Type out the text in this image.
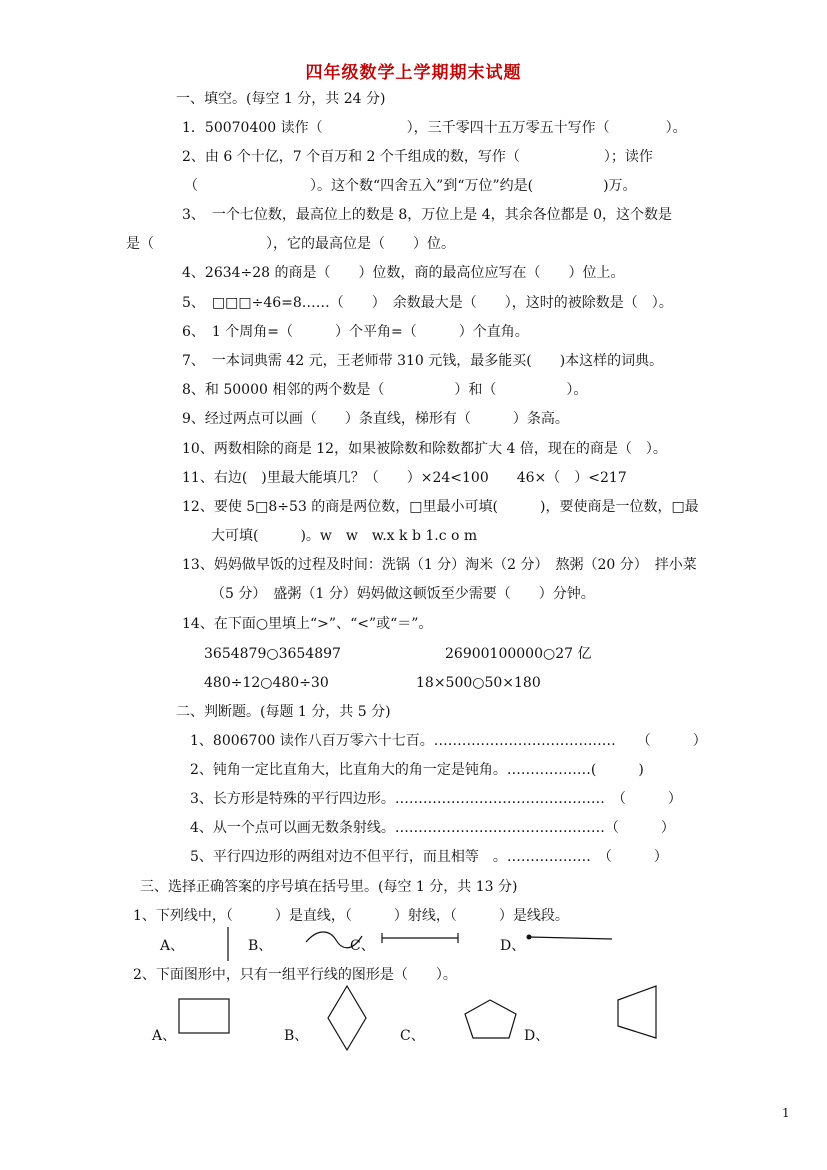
四年级数学上学期期末试题
一、填空。(每空 1 分，共 24 分)
1．50070400 读作（　　　　　　），三千零四十五万零五十写作（　　　　）。
2、由 6 个十亿，7 个百万和 2 个千组成的数，写作（　　　　　　）；读作
（　　　　　　　　）。这个数“四舍五入”到“万位”约是(　　　　　)万。
3、　一个七位数，最高位上的数是 8，万位上是 4，其余各位都是 0，这个数是
是（　　　　　　　　），它的最高位是（　　）位。
4、2634÷28 的商是（　　）位数，商的最高位应写在（　　）位上。
5、　□□□÷46=8……（　　）　余数最大是（　　），这时的被除数是（　）。
6、　1 个周角=（　　　）个平角=（　　　）个直角。
7、　一本词典需 42 元，王老师带 310 元钱，最多能买(　　)本这样的词典。
8、和 50000 相邻的两个数是（　　　　　）和（　　　　　）。
9、经过两点可以画（　　）条直线，梯形有（　　　）条高。
10、两数相除的商是 12，如果被除数和除数都扩大 4 倍，现在的商是（　）。
11、右边(　)里最大能填几？（　　）×24<100　　46×（　）<217
12、要使 5□8÷53 的商是两位数，□里最小可填(　　　)，要使商是一位数，□最
大可填(　　　)。w　w　w.x k b 1.c o m
13、妈妈做早饭的过程及时间：洗锅（1 分）淘米（2 分）　熬粥（20 分）　拌小菜
（5 分）　盛粥（1 分）妈妈做这顿饭至少需要（　　）分钟。
14、在下面○里填上“>”、“<”或“＝”。
3654879○3654897	26900100000○27 亿
480÷12○480÷30	18×500○50×180
二、判断题。(每题 1 分，共 5 分)
1、8006700 读作八百万零六十七百。…………………………………　　（　　　）
2、钝角一定比直角大，比直角大的角一定是钝角。………………(　　　)
3、长方形是特殊的平行四边形。………………………………………　（　　　）
4、从一个点可以画无数条射线。………………………………………（　　　）
5、平行四边形的两组对边不但平行，而且相等　。………………　（　　　）
三、选择正确答案的序号填在括号里。(每空 1 分，共 13 分)
1、下列线中，（　　　）是直线，（　　　）射线，（　　　）是线段。
A、	B、	C、	D、
2、下面图形中，只有一组平行线的图形是（　　）。
A、	B、	C、	D、
1
